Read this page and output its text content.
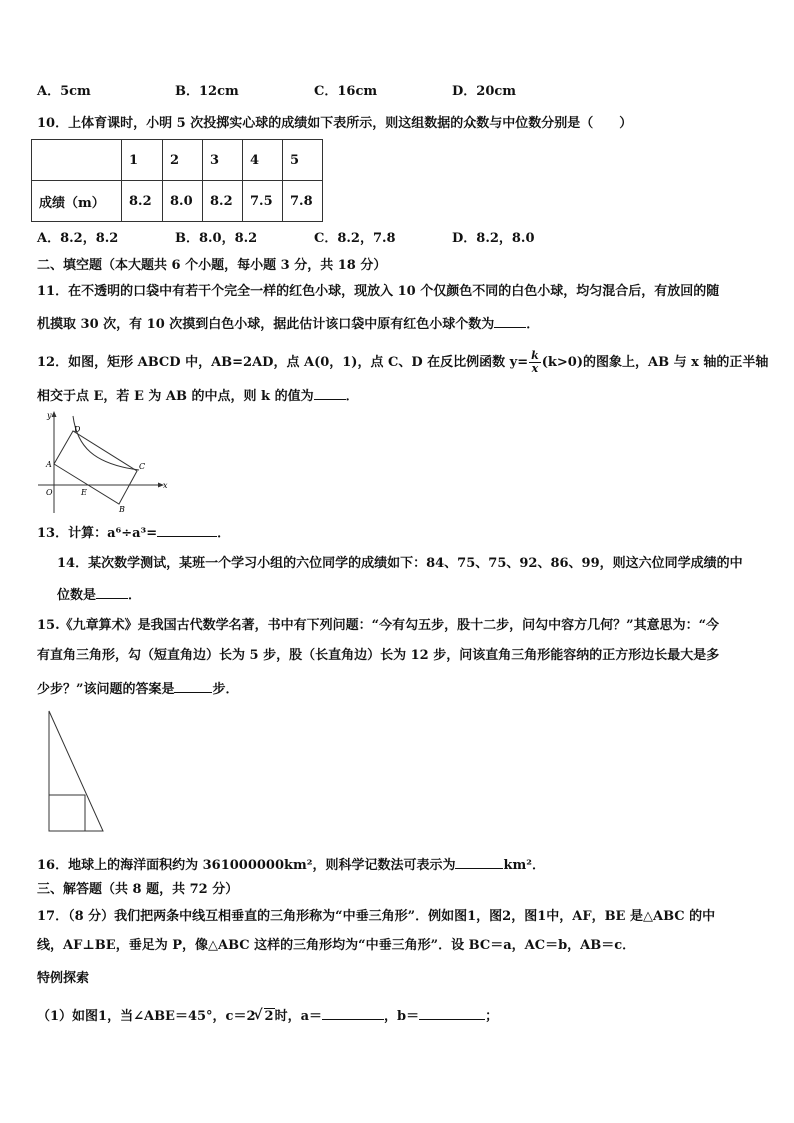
A．5cm	B．12cm	C．16cm	D．20cm
10．上体育课时，小明 5 次投掷实心球的成绩如下表所示，则这组数据的众数与中位数分别是（　　）
	1	2	3	4	5
成绩（m）	8.2	8.0	8.2	7.5	7.8
A．8.2，8.2	B．8.0，8.2	C．8.2，7.8	D．8.2，8.0
二、填空题（本大题共 6 个小题，每小题 3 分，共 18 分）
11．在不透明的口袋中有若干个完全一样的红色小球，现放入 10 个仅颜色不同的白色小球，均匀混合后，有放回的随
机摸取 30 次，有 10 次摸到白色小球，据此估计该口袋中原有红色小球个数为 ．
12．如图，矩形 ABCD 中，AB=2AD，点 A(0，1)，点 C、D 在反比例函数 $y= \frac{k}{x} (k>0)$的图象上，AB 与 x 轴的正半轴
相交于点 E，若 E 为 AB 的中点，则 k 的值为 ．
y
x
D
A	C
O	E
B
13．计算：a⁶÷a³=	．
14．某次数学测试，某班一个学习小组的六位同学的成绩如下：84、75、75、92、86、99，则这六位同学成绩的中
位数是 ．
15.《九章算术》是我国古代数学名著，书中有下列问题：“今有勾五步，股十二步，问勾中容方几何？”其意思为：“今
有直角三角形，勾（短直角边）长为 5 步，股（长直角边）长为 12 步，问该直角三角形能容纳的正方形边长最大是多
少步？”该问题的答案是	步．
16．地球上的海洋面积约为 361000000km²，则科学记数法可表示为	km²．
三、解答题（共 8 题，共 72 分）
17．（8 分）我们把两条中线互相垂直的三角形称为“中垂三角形”．例如图1，图2，图1中，AF，BE 是△ABC 的中
线，AF⊥BE，垂足为 P，像△ABC 这样的三角形均为“中垂三角形”．设 BC＝a，AC＝b，AB＝c．
特例探索
（1）如图1，当∠ABE＝45°，c＝2 √ 2时，a＝	，b＝	；
